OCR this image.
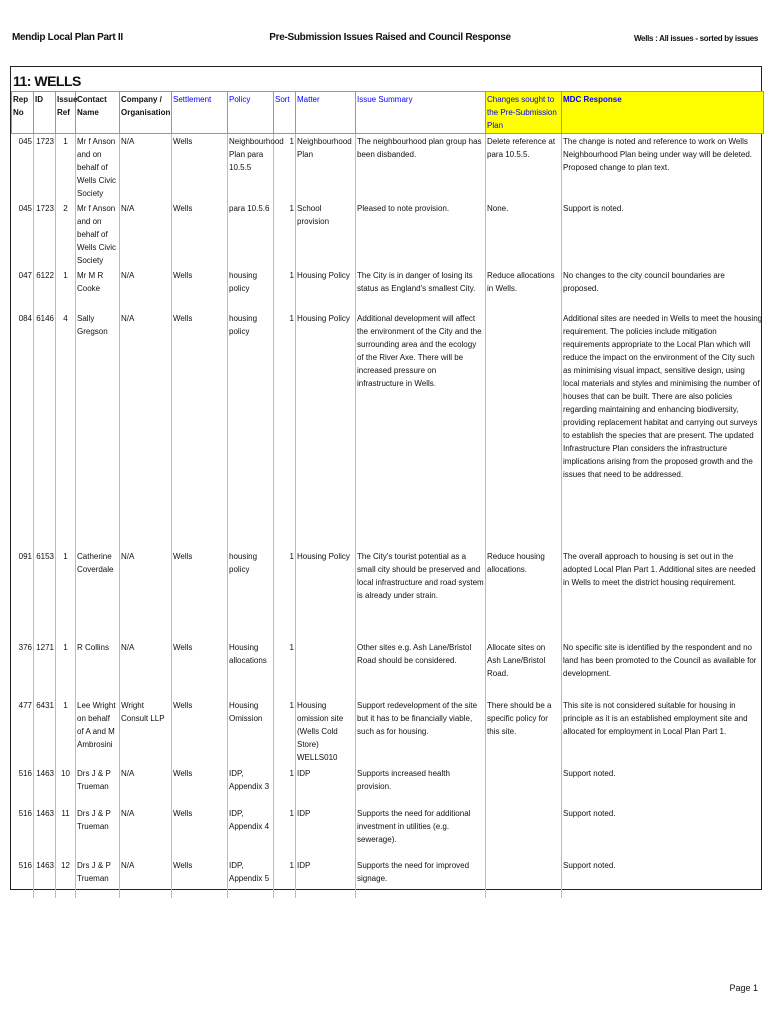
Mendip Local Plan Part II	Pre-Submission Issues Raised and Council Response	Wells : All issues - sorted by issues
11: WELLS
Rep No	ID	Issue Ref	Contact Name	Company / Organisation	Settlement	Policy	Sort	Matter	Issue Summary	Changes sought to the Pre-Submission Plan	MDC Response
045	1723	1	Mr f Anson and on behalf of Wells Civic Society	N/A	Wells	Neighbourhood Plan para 10.5.5	1	Neighbourhood Plan	The neighbourhood plan group has been disbanded.	Delete reference at para 10.5.5.	The change is noted and reference to work on Wells Neighbourhood Plan being under way will be deleted. Proposed change to plan text.
045	1723	2	Mr f Anson and on behalf of Wells Civic Society	N/A	Wells	para 10.5.6	1	School provision	Pleased to note provision.	None.	Support is noted.
047	6122	1	Mr M R Cooke	N/A	Wells	housing policy	1	Housing Policy	The City is in danger of losing its status as England's smallest City.	Reduce allocations in Wells.	No changes to the city council boundaries are proposed.
084	6146	4	Sally Gregson	N/A	Wells	housing policy	1	Housing Policy	Additional development will affect the environment of the City and the surrounding area and the ecology of the River Axe. There will be increased pressure on infrastructure in Wells.		Additional sites are needed in Wells to meet the housing requirement. The policies include mitigation requirements appropriate to the Local Plan which will reduce the impact on the environment of the City such as minimising visual impact, sensitive design, using local materials and styles and minimising the number of houses that can be built. There are also policies regarding maintaining and enhancing biodiversity, providing replacement habitat and carrying out surveys to establish the species that are present. The updated Infrastructure Plan considers the infrastructure implications arising from the proposed growth and the issues that need to be addressed.
091	6153	1	Catherine Coverdale	N/A	Wells	housing policy	1	Housing Policy	The City's tourist potential as a small city should be preserved and local infrastructure and road system is already under strain.	Reduce housing allocations.	The overall approach to housing is set out in the adopted Local Plan Part 1. Additional sites are needed in Wells to meet the district housing requirement.
376	1271	1	R Collins	N/A	Wells	Housing allocations	1		Other sites e.g. Ash Lane/Bristol Road should be considered.	Allocate sites on Ash Lane/Bristol Road.	No specific site is identified by the respondent and no land has been promoted to the Council as available for development.
477	6431	1	Lee Wright on behalf of A and M Ambrosini	Wright Consult LLP	Wells	Housing Omission	1	Housing omission site (Wells Cold Store) WELLS010	Support redevelopment of the site but it has to be financially viable, such as for housing.	There should be a specific policy for this site.	This site is not considered suitable for housing in principle as it is an established employment site and allocated for employment in Local Plan Part 1.
516	1463	10	Drs J & P Trueman	N/A	Wells	IDP, Appendix 3	1	IDP	Supports increased health provision.		Support noted.
516	1463	11	Drs J & P Trueman	N/A	Wells	IDP, Appendix 4	1	IDP	Supports the need for additional investment in utilities (e.g. sewerage).		Support noted.
516	1463	12	Drs J & P Trueman	N/A	Wells	IDP, Appendix 5	1	IDP	Supports the need for improved signage.		Support noted.
Page 1
